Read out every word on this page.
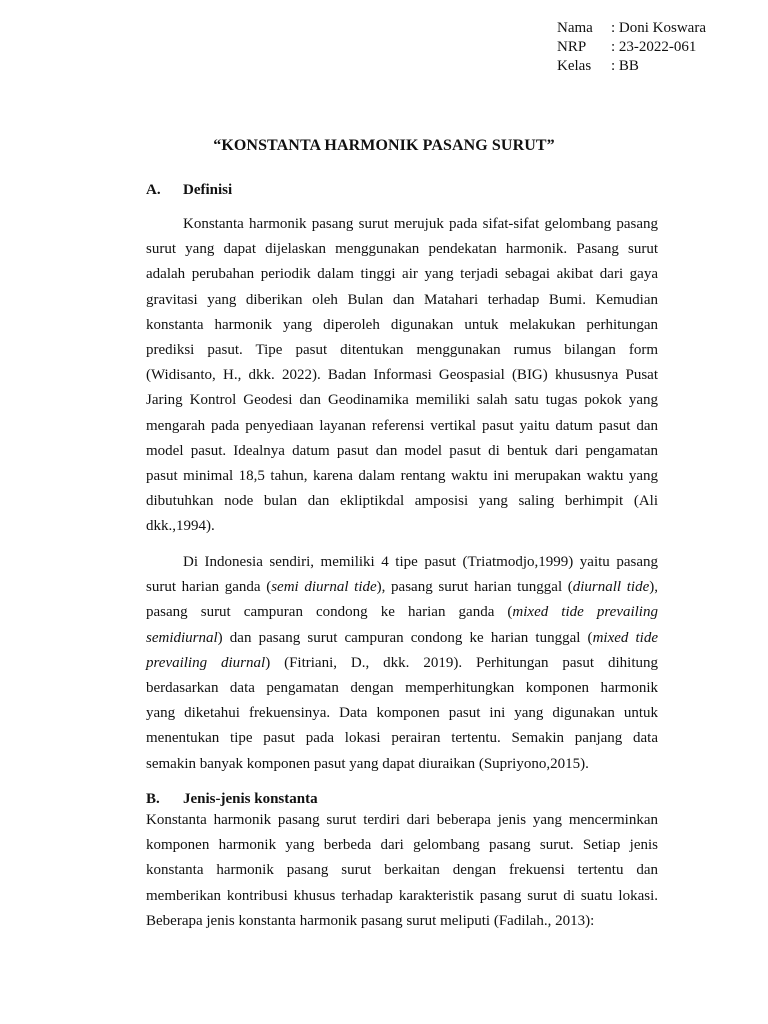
Nama	: Doni Koswara
NRP	: 23-2022-061
Kelas	: BB
“KONSTANTA HARMONIK PASANG SURUT”
A. Definisi
Konstanta harmonik pasang surut merujuk pada sifat-sifat gelombang pasang
surut yang dapat dijelaskan menggunakan pendekatan harmonik. Pasang surut
adalah perubahan periodik dalam tinggi air yang terjadi sebagai akibat dari gaya
gravitasi yang diberikan oleh Bulan dan Matahari terhadap Bumi. Kemudian
konstanta harmonik yang diperoleh digunakan untuk melakukan perhitungan
prediksi pasut. Tipe pasut ditentukan menggunakan rumus bilangan form
(Widisanto, H., dkk. 2022). Badan Informasi Geospasial (BIG) khususnya Pusat
Jaring Kontrol Geodesi dan Geodinamika memiliki salah satu tugas pokok yang
mengarah pada penyediaan layanan referensi vertikal pasut yaitu datum pasut dan
model pasut. Idealnya datum pasut dan model pasut di bentuk dari pengamatan
pasut minimal 18,5 tahun, karena dalam rentang waktu ini merupakan waktu yang
dibutuhkan node bulan dan ekliptikdal amposisi yang saling berhimpit (Ali
dkk.,1994).
Di Indonesia sendiri, memiliki 4 tipe pasut (Triatmodjo,1999) yaitu pasang
surut harian ganda (semi diurnal tide), pasang surut harian tunggal (diurnall tide),
pasang surut campuran condong ke harian ganda (mixed tide prevailing
semidiurnal) dan pasang surut campuran condong ke harian tunggal (mixed tide
prevailing diurnal) (Fitriani, D., dkk. 2019). Perhitungan pasut dihitung
berdasarkan data pengamatan dengan memperhitungkan komponen harmonik
yang diketahui frekuensinya. Data komponen pasut ini yang digunakan untuk
menentukan tipe pasut pada lokasi perairan tertentu. Semakin panjang data
semakin banyak komponen pasut yang dapat diuraikan (Supriyono,2015).
B. Jenis-jenis konstanta
Konstanta harmonik pasang surut terdiri dari beberapa jenis yang mencerminkan
komponen harmonik yang berbeda dari gelombang pasang surut. Setiap jenis
konstanta harmonik pasang surut berkaitan dengan frekuensi tertentu dan
memberikan kontribusi khusus terhadap karakteristik pasang surut di suatu lokasi.
Beberapa jenis konstanta harmonik pasang surut meliputi (Fadilah., 2013):
